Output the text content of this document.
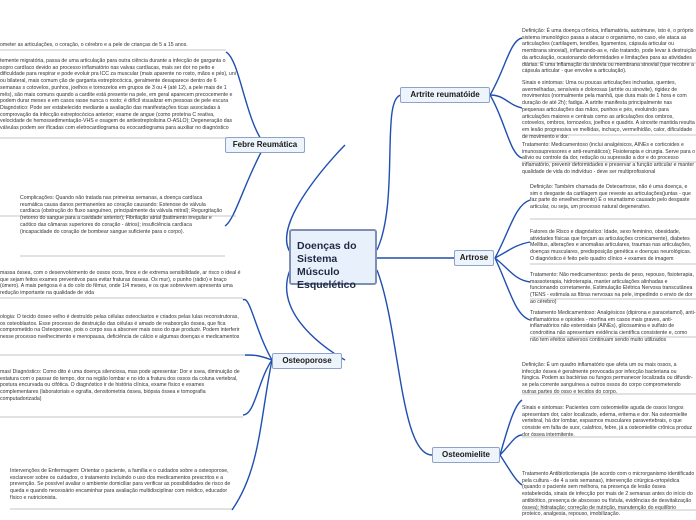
Doenças do
Sistema Músculo
Esquelético
Febre Reumática
Osteoporose
Artrite reumatóide
Artrose
Osteomielite
ometer as articulações, o coração, o cérebro e a pele de crianças de 5 a 15 anos.
temente migratória, passa de uma articulação para outra ciência durante a infecção de garganta o sopro cardíaco devido ao processo inflamatório nas valvas cardíacas, mais ser dor no peito e dificuldade para respirar e pode evoluir pra ICC za muscular (mais aparente no rosto, mãos e pés), uni ou bilateral, mais comum ção de garganta estreptocócica, geralmente desaparece dentro de 6 semanas s cotovelos, punhos, joelhos e tornozelos em grupos de 3 ou 4 (até 12), a pele mais de 1 mês), são mais comuns quando a cardite está presente na pele, em geral aparecem precocemente e podem durar meses e em casos rasse nunca o rosto; é difícil visualizar em pessoas de pele escura Diagnóstico: Pode ser estabelecido mediante a avaliação das manifestações ticas associadas à comprovação da infecção estreptocócica anterior; exame de angue (como proteína C reativa, velocidade de hemossedimentação-VHS e osagem de antiestreptolisina O-ASLO); Degeneração das válvulas podem ser ificadas com eletrocardiograma ou ecocardiograma para auxiliar no diagnóstico
Complicações: Quando não tratada nas primeiras semanas, a doença cardíaca reumática causa danos permanentes ao coração causando: Estenose de válvula cardíaca (obstrução do fluxo sanguíneo, principalmente da válvula mitral); Regurgitação (retorno do sangue para a cavidade anterior); Fibrilação atrial (batimento irregular e caótico das câmaras superiores do coração - átrios); insuficiência cardíaca (incapacidade do coração de bombear sangue suficiente para o corpo).
massa óssea, com o desenvolvimento de ossos ocos, finos e de extrema sensibilidade, ar risco o ideal é que sejam feitos exames preventivos para evitar fraturas ósseas. Os mur), o punho (rádio) e braço (úmero). A mais perigosa é a do colo do fêmur, onde 1/4 meses, e os que sobrevivem apresenta uma redução importante na qualidade de vida
ologia: O tecido ósseo velho é destruído pelas células osteoclastos e criados pelas lulas reconstrutoras, os osteoblastos. Esse processo de destruição das células é amado de reabsorção óssea, que fica comprometido na Osteoporose, pois o corpo ssa a absorver mais osso do que produzir. Podem interferir nesse processo nvelhecimento e menopausa, deficiência de cálcio e algumas doenças e medicamentos
mas/ Diagnóstico: Como dito é uma doença silenciosa, mas pode apresentar: Dor e ssea, diminuição de estatura com o passar do tempo, dor na região lombar e no ido a fratura dos ossos da coluna vertebral, postura encurvada ou cifótica. O diagnóstico ir de história clínica, exame físico e exames complementares (laboratoriais e ografia, densitometria óssea, biópsia óssea e tomografia computadorizada)
Intervenções de Enfermagem: Orientar o paciente, a família e o cuidados sobre a osteoporose, esclarecer sobre os cuidados, o tratamento incluindo o uso dos medicamentos prescritos e a prevenção. Se possível avaliar o ambiente domiciliar para verificar as possibilidades de risco de queda e quando necessário encaminhar para avaliação multidisciplinar com médico, educador físico e nutricionista.
Definição: É uma doença crônica, inflamatória, autoimune, isto é, o próprio sistema imunológico passa a atacar o organismo, no caso, ele ataca as articulações (cartilagem, tendões, ligamentos, cápsula articular ou membrana sinovial), inflamando-as e, não tratando, pode levar à destruição da articulação, ocasionando deformidades e limitações para as atividades diárias. É uma inflamação da sinóvia ou membrana sinovial (que recobre a cápsula articular - que envolve a articulação).
Sinais e sintomas: Uma ou poucas articulações inchadas, quentes, avermelhadas, sensíveis e dolorosas (artrite ou sinovite), rigidez de movimentos (normalmente pela manhã, que dura mais de 1 hora e com duração de até 2h); fadiga. A artrite manifesta principalmente nas pequenas articulações das mãos, punhos e pés, evoluindo para articulações maiores e centrais como as articulações dos ombros, cotovelos, ombros, tornozelos, joelhos e quadris. A sinovite mantida resulta em lesão progressiva ve mellidas, inchaço, vermelhidão, calor, dificuldade de movimento e dor.
Tratamento: Medicamentoso (inclui analgésicos, AINEs e corticoides e imunossupressores e anti-reumáticos); Fisioterapia e cirurgia. Serve para o alívio ou controle da dor, redução ou supressão a dor e do processo inflamatório, prevenir deformidades e preservar a função articular e manter qualidade de vida do indivíduo - deve ser multiprofissional
Definição: Também chamada de Osteoartrose, não é uma doença, e sim o desgaste da cartilagem que reveste as articulações(juntas - que faz parte do envelhecimento) É o reumatismo causado pelo desgaste articular, ou seja, um processo natural degenerativo.
Fatores de Risco e diagnóstico: Idade, sexo feminino, obesidade, atividades físicas que forçam as articulações cronicamente), diabetes Mellitus, alterações e anomalias articulares, traumas nas articulações, doenças musculares, predisposição genética e doenças neurológicas. O diagnóstico é feito pelo quadro clínico + exames de imagem
Tratamento: Não medicamentoso: perda de peso, repouso, fisioterapia, massoterapia, hidroterapia, manter articulações alinhadas e funcionando corretamente, Estimulação Elétrica Nervosa transcutânea (TENS - estimula as fibras nervosas na pele, impedindo o envio de dor ao cérebro)
Tratamento Medicamentoso: Analgésicos (dipirona e paracetamol), anti-inflamatórios e opioides - morfina em casos mais graves, anti-inflamatórios não esteroidais (AINEs), glicosamina e sulfato de condroitina não apresentam evidência científica consistente e, como não tem efeitos adversos continuam sendo muito utilizados
Definição: É um quadro inflamatório que afeta um ou mais ossos, a infecção óssea é geralmente provocada por infecção bacteriana ou fúngica. Podem as bactérias ou fungos permanecer localizada ou difundir-se pela corrente sanguínea a outros ossos do corpo comprometendo outras partes do osso e tecidos do corpo.
Sinais e sintomas: Pacientes com osteomielite aguda de ossos longos apresentam dor, calor localizado, edema, eritema e dor. Na osteomielite vertebral, há dor lombar, espasmos musculares paravertebrais, o que consiste em falta de suor, calafrios, febre, já a osteomielite crônica produz dor óssea intermitente.
Tratamento Antibioticoterapia (de acordo com o microrganismo identificado pela cultura - de 4 a seis semanas), intervenção cirúrgica-ortopédica (quando o paciente sem melhora, na presença de lesão óssea estabelecida, sinais de infecção por mais de 2 semanas antes do início do antibiótico, presença de abscesso ou fístula, evidências de desvitalização óssea); hidratação; correção de nutrição, manutenção do equilíbrio proteico, analgesia, repouso, imobilização.
